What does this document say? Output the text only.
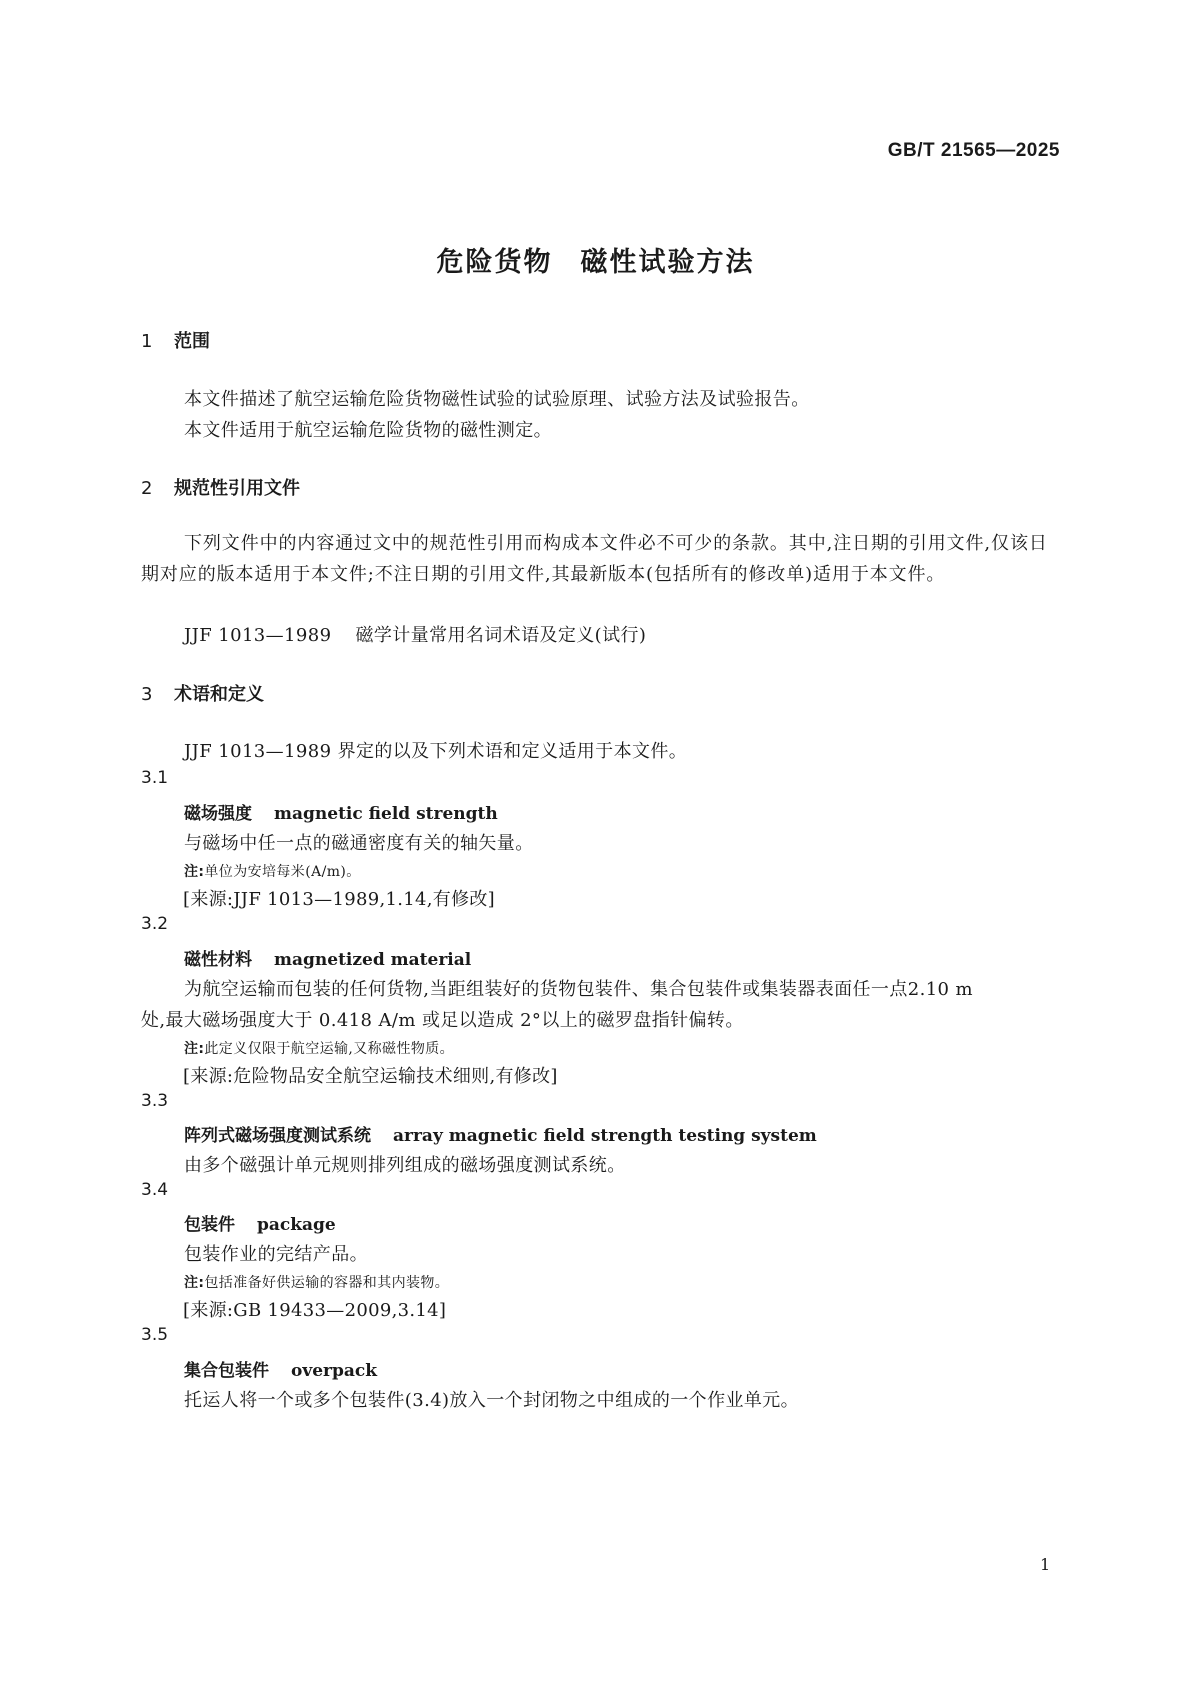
GB/T 21565—2025
危险货物 磁性试验方法
1 范围
本文件描述了航空运输危险货物磁性试验的试验原理、试验方法及试验报告。
本文件适用于航空运输危险货物的磁性测定。
2 规范性引用文件
下列文件中的内容通过文中的规范性引用而构成本文件必不可少的条款。其中,注日期的引用文件,仅该日期对应的版本适用于本文件;不注日期的引用文件,其最新版本(包括所有的修改单)适用于本文件。
JJF 1013—1989 磁学计量常用名词术语及定义(试行)
3 术语和定义
JJF 1013—1989 界定的以及下列术语和定义适用于本文件。
3.1
磁场强度 magnetic field strength
与磁场中任一点的磁通密度有关的轴矢量。
注:单位为安培每米(A/m)。
[来源:JJF 1013—1989,1.14,有修改]
3.2
磁性材料 magnetized material
为航空运输而包装的任何货物,当距组装好的货物包装件、集合包装件或集装器表面任一点2.10 m
处,最大磁场强度大于 0.418 A/m 或足以造成 2°以上的磁罗盘指针偏转。
注:此定义仅限于航空运输,又称磁性物质。
[来源:危险物品安全航空运输技术细则,有修改]
3.3
阵列式磁场强度测试系统 array magnetic field strength testing system
由多个磁强计单元规则排列组成的磁场强度测试系统。
3.4
包装件 package
包装作业的完结产品。
注:包括准备好供运输的容器和其内装物。
[来源:GB 19433—2009,3.14]
3.5
集合包装件 overpack
托运人将一个或多个包装件(3.4)放入一个封闭物之中组成的一个作业单元。
1
